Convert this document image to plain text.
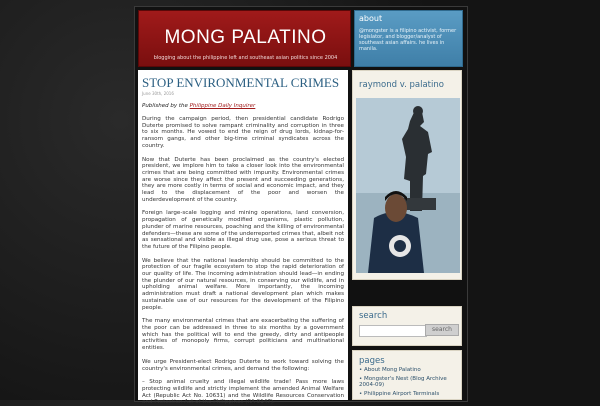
MONG PALATINO
blogging about the philippine left and southeast asian politics since 2004
about

@mongster is a filipino activist, former legislator, and blogger/analyst of southeast asian affairs. he lives in manila.

STOP ENVIRONMENTAL CRIMES
June 30th, 2016
Published by the Philippine Daily Inquirer

During the campaign period, then presidential candidate Rodrigo Duterte promised to solve rampant criminality and corruption in three to six months. He vowed to end the reign of drug lords, kidnap-for-ransom gangs, and other big-time criminal syndicates across the country.

Now that Duterte has been proclaimed as the country's elected president, we implore him to take a closer look into the environmental crimes that are being committed with impunity. Environmental crimes are worse since they affect the present and succeeding generations, they are more costly in terms of social and economic impact, and they lead to the displacement of the poor and worsen the underdevelopment of the country.

Foreign large-scale logging and mining operations, land conversion, propagation of genetically modified organisms, plastic pollution, plunder of marine resources, poaching and the killing of environmental defenders—these are some of the underreported crimes that, albeit not as sensational and visible as illegal drug use, pose a serious threat to the future of the Filipino people.

We believe that the national leadership should be committed to the protection of our fragile ecosystem to stop the rapid deterioration of our quality of life. The incoming administration should lead—in ending the plunder of our natural resources, in conserving our wildlife, and in upholding animal welfare. More importantly, the incoming administration must draft a national development plan which makes sustainable use of our resources for the development of the Filipino people.

The many environmental crimes that are exacerbating the suffering of the poor can be addressed in three to six months by a government which has the political will to end the greedy, dirty and antipeople activities of monopoly firms, corrupt politicians and multinational entities.

We urge President-elect Rodrigo Duterte to work toward solving the country's environmental crimes, and demand the following:

– Stop animal cruelty and illegal wildlife trade! Pass more laws protecting wildlife and strictly implement the amended Animal Welfare Act (Republic Act No. 10631) and the Wildlife Resources Conservation and Protection Act of the Philippines (RA 9147).

raymond v. palatino
search
search
pages
• About Mong Palatino
• Mongster's Nest (Blog Archive 2004-09)
• Philippine Airport Terminals
